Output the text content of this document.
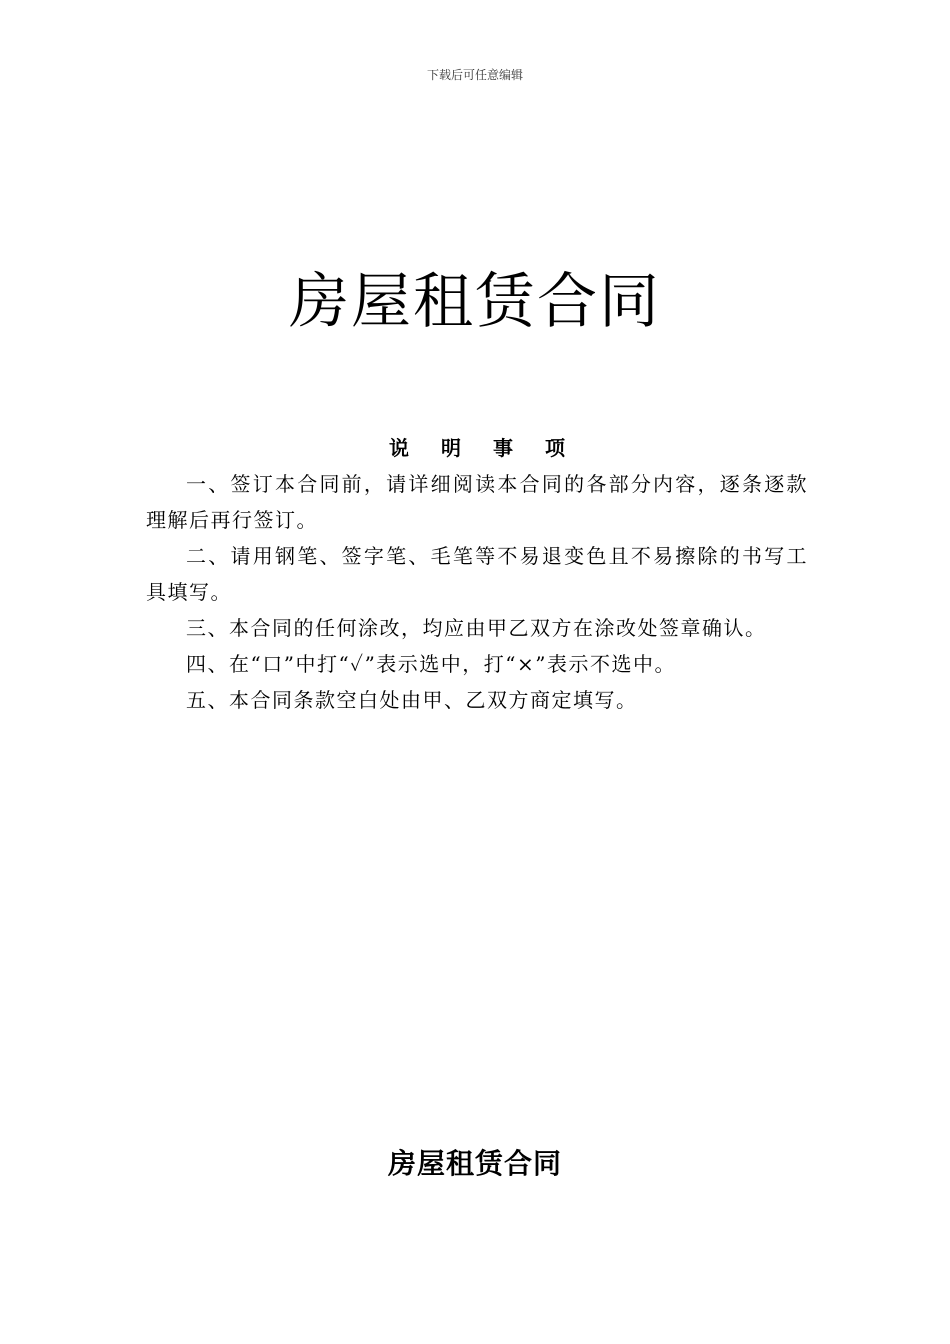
下载后可任意编辑
房屋租赁合同
说 明 事 项

一、签订本合同前，请详细阅读本合同的各部分内容，逐条逐款理解后再行签订。

二、请用钢笔、签字笔、毛笔等不易退变色且不易擦除的书写工具填写。

三、本合同的任何涂改，均应由甲乙双方在涂改处签章确认。

四、在“口”中打“✓”表示选中，打“×”表示不选中。

五、本合同条款空白处由甲、乙双方商定填写。

房屋租赁合同
